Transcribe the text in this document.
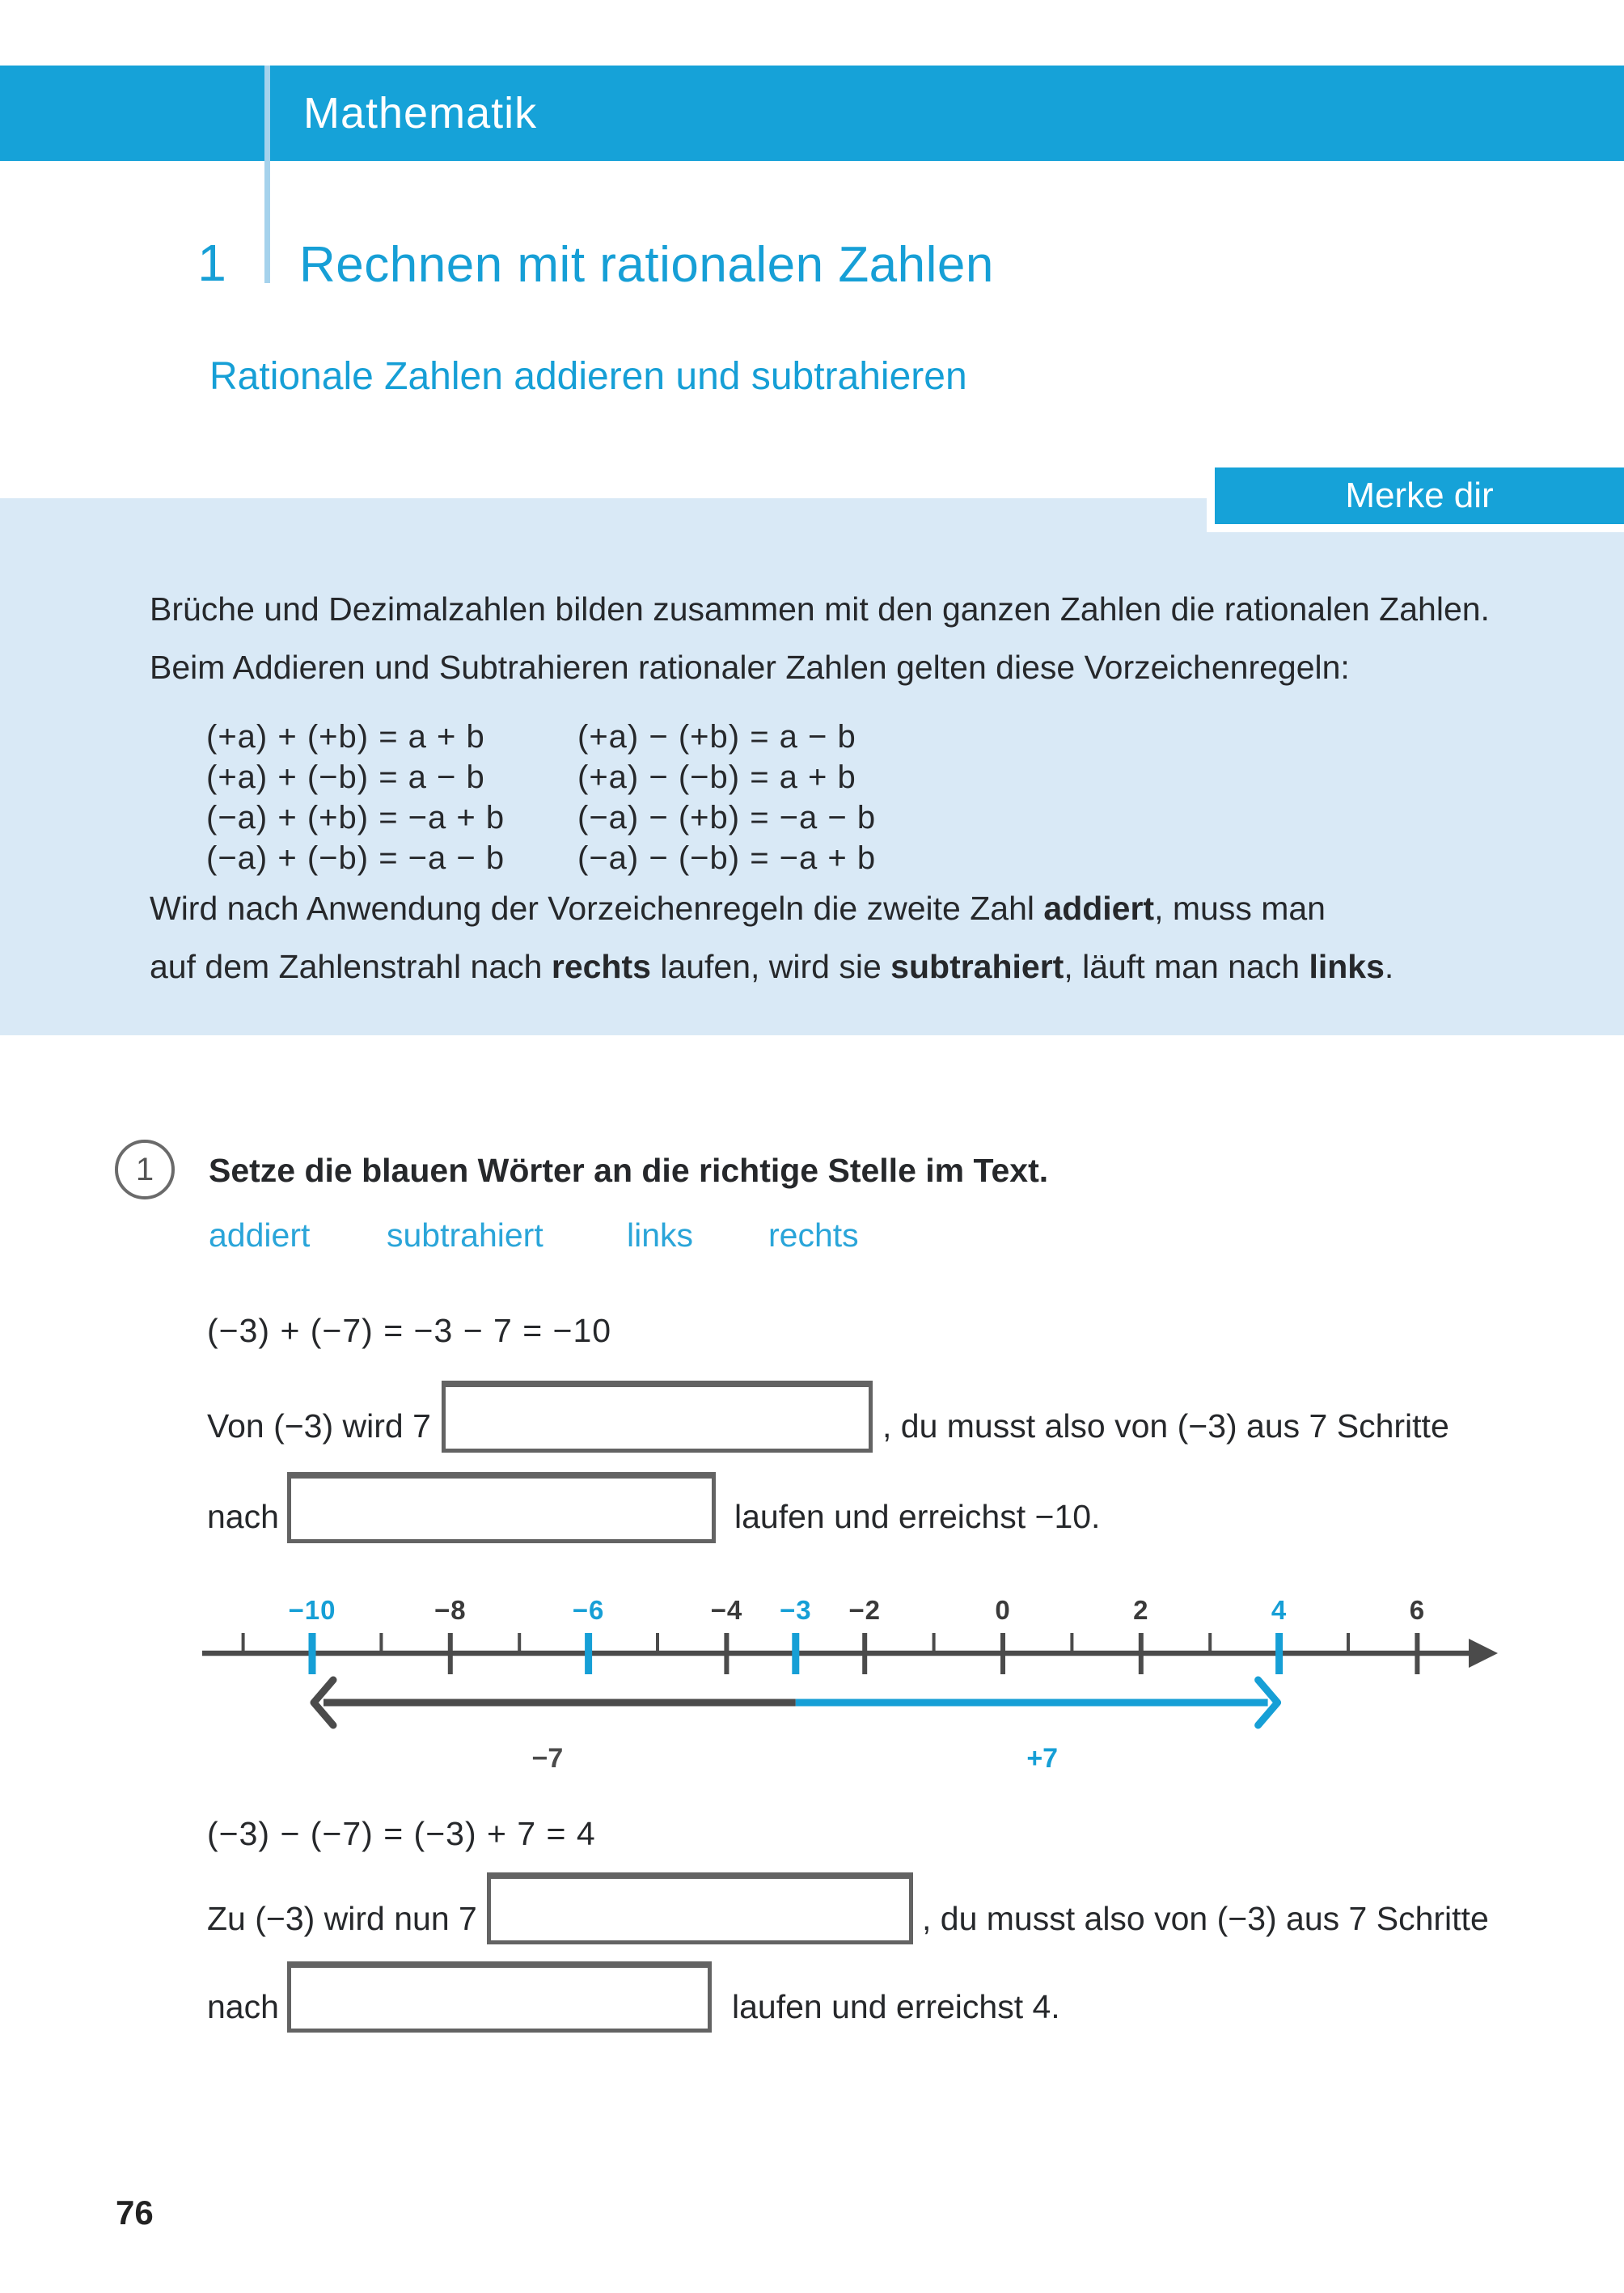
Mathematik
1 Rechnen mit rationalen Zahlen
Rationale Zahlen addieren und subtrahieren
Merke dir
Brüche und Dezimalzahlen bilden zusammen mit den ganzen Zahlen die rationalen Zahlen.
Beim Addieren und Subtrahieren rationaler Zahlen gelten diese Vorzeichenregeln:
(+a) + (+b) = a + b
(+a) + (−b) = a − b
(−a) + (+b) = −a + b
(−a) + (−b) = −a − b
(+a) − (+b) = a − b
(+a) − (−b) = a + b
(−a) − (+b) = −a − b
(−a) − (−b) = −a + b
Wird nach Anwendung der Vorzeichenregeln die zweite Zahl addiert, muss man
auf dem Zahlenstrahl nach rechts laufen, wird sie subtrahiert, läuft man nach links.
1 Setze die blauen Wörter an die richtige Stelle im Text.
addiert subtrahiert	links rechts
(−3) + (−7) = −3 − 7 = −10
Von (−3) wird 7	, du musst also von (−3) aus 7 Schritte
nach	laufen und erreichst −10.
−10	−8	−6	−4 −3 −2	0	2	4	6
−7	+7
(−3) − (−7) = (−3) + 7 = 4
Zu (−3) wird nun 7	, du musst also von (−3) aus 7 Schritte
nach	laufen und erreichst 4.
76
